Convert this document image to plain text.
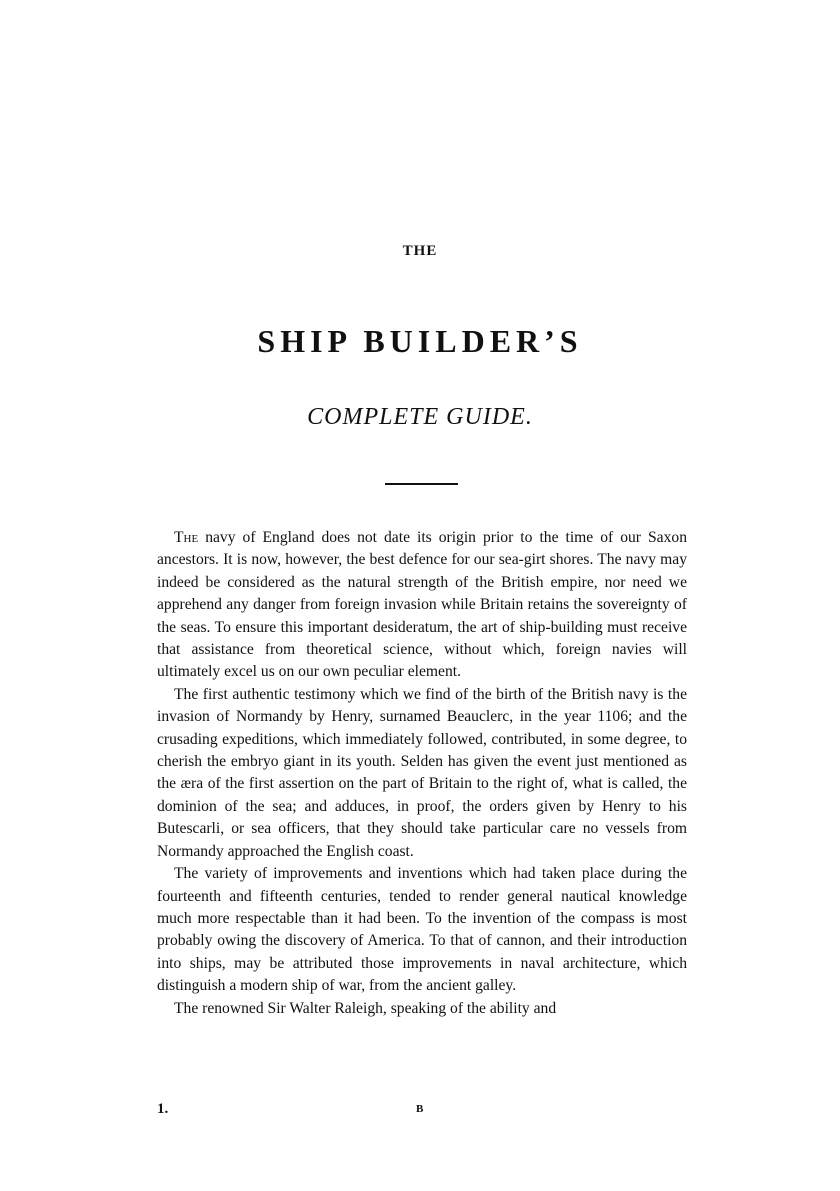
THE
SHIP BUILDER’S
COMPLETE GUIDE.

The navy of England does not date its origin prior to the time of our Saxon ancestors. It is now, however, the best defence for our sea-girt shores. The navy may indeed be considered as the natural strength of the British empire, nor need we apprehend any danger from foreign invasion while Britain retains the sovereignty of the seas. To ensure this important desideratum, the art of ship-building must receive that assistance from theoretical science, without which, foreign navies will ultimately excel us on our own peculiar element.

The first authentic testimony which we find of the birth of the British navy is the invasion of Normandy by Henry, surnamed Beauclerc, in the year 1106; and the crusading expeditions, which immediately followed, contributed, in some degree, to cherish the embryo giant in its youth. Selden has given the event just mentioned as the æra of the first assertion on the part of Britain to the right of, what is called, the dominion of the sea; and adduces, in proof, the orders given by Henry to his Butescarli, or sea officers, that they should take particular care no vessels from Normandy approached the English coast.

The variety of improvements and inventions which had taken place during the fourteenth and fifteenth centuries, tended to render general nautical knowledge much more respectable than it had been. To the invention of the compass is most probably owing the discovery of America. To that of cannon, and their introduction into ships, may be attributed those improvements in naval architecture, which distinguish a modern ship of war, from the ancient galley.

The renowned Sir Walter Raleigh, speaking of the ability and

1.	B
